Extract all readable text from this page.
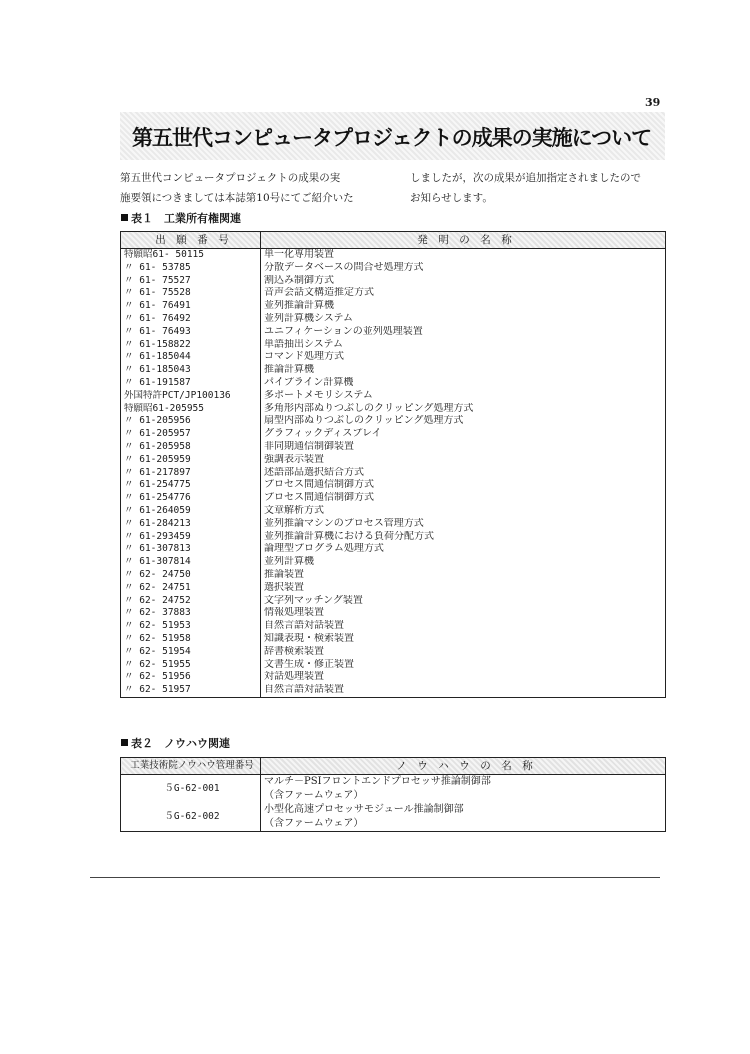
39
第五世代コンピュータプロジェクトの成果の実施について
第五世代コンピュータプロジェクトの成果の実
施要領につきましては本誌第10号にてご紹介いた
しましたが，次の成果が追加指定されましたので
お知らせします。
表１　工業所有権関連
出　願　番　号	発　明　の　名　称
特願昭61- 50115	単一化専用装置
〃 61- 53785	分散データベースの問合せ処理方式
〃 61- 75527	割込み制御方式
〃 61- 75528	音声会話文構造推定方式
〃 61- 76491	並列推論計算機
〃 61- 76492	並列計算機システム
〃 61- 76493	ユニフィケーションの並列処理装置
〃 61-158822	単語抽出システム
〃 61-185044	コマンド処理方式
〃 61-185043	推論計算機
〃 61-191587	パイプライン計算機
外国特許PCT/JP100136	多ポートメモリシステム
特願昭61-205955	多角形内部ぬりつぶしのクリッピング処理方式
〃 61-205956	扇型内部ぬりつぶしのクリッピング処理方式
〃 61-205957	グラフィックディスプレイ
〃 61-205958	非同期通信制御装置
〃 61-205959	強調表示装置
〃 61-217897	述語部品選択結合方式
〃 61-254775	プロセス間通信制御方式
〃 61-254776	プロセス間通信制御方式
〃 61-264059	文章解析方式
〃 61-284213	並列推論マシンのプロセス管理方式
〃 61-293459	並列推論計算機における負荷分配方式
〃 61-307813	論理型プログラム処理方式
〃 61-307814	並列計算機
〃 62- 24750	推論装置
〃 62- 24751	選択装置
〃 62- 24752	文字列マッチング装置
〃 62- 37883	情報処理装置
〃 62- 51953	自然言語対話装置
〃 62- 51958	知識表現・検索装置
〃 62- 51954	辞書検索装置
〃 62- 51955	文書生成・修正装置
〃 62- 51956	対話処理装置
〃 62- 51957	自然言語対話装置
表２　ノウハウ関連
工業技術院ノウハウ管理番号	ノ　ウ　ハ　ウ　の　名　称
５G-62-001	マルチ－PSIフロントエンドプロセッサ推論制御部
（含ファームウェア）

５G-62-002	小型化高速プロセッサモジュール推論制御部
（含ファームウェア）
